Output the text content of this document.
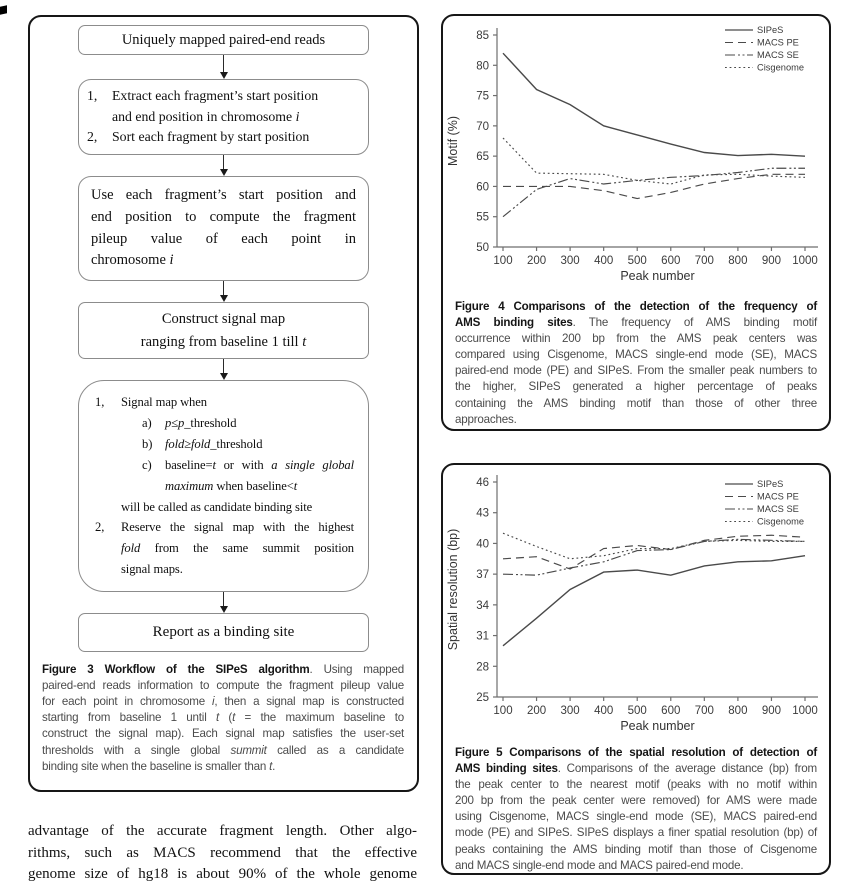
Uniquely mapped paired-end reads
1,	Extract each fragment’s start position
and end position in chromosome i
2,	Sort each fragment by start position
Use each fragment’s start position and
end position to compute the fragment
pileup value of each point in
chromosome i
Construct signal map
ranging from baseline 1 till t
1,	Signal map when
a)	p≤p_threshold
b)	fold≥fold_threshold
c)	baseline=t or with a single global
maximum when baseline<t
will be called as candidate binding site
2,	Reserve the signal map with the highest
fold from the same summit position
signal maps.
Report as a binding site
Figure 3 Workflow of the SIPeS algorithm. Using mapped
paired-end reads information to compute the fragment pileup value
for each point in chromosome i, then a signal map is constructed
starting from baseline 1 until t (t = the maximum baseline to
construct the signal map). Each signal map satisfies the user-set
thresholds with a single global summit called as a candidate
binding site when the baseline is smaller than t.
50
55
60
65
70
75
80
85
100 200 300 400 500 600 700 800 900 1000
Peak number
Motif (%)
SIPeS
MACS PE
MACS SE
Cisgenome
Figure 4 Comparisons of the detection of the frequency of
AMS binding sites. The frequency of AMS binding motif
occurrence within 200 bp from the AMS peak centers was
compared using Cisgenome, MACS single-end mode (SE), MACS
paired-end mode (PE) and SIPeS. From the smaller peak numbers to
the higher, SIPeS generated a higher percentage of peaks
containing the AMS binding motif than those of other three
approaches.
25
28
31
34
37
40
43
46
100 200 300 400 500 600 700 800 900 1000
Peak number
Spatial resolution (bp)
SIPeS
MACS PE
MACS SE
Cisgenome
Figure 5 Comparisons of the spatial resolution of detection of
AMS binding sites. Comparisons of the average distance (bp) from
the peak center to the nearest motif (peaks with no motif within
200 bp from the peak center were removed) for AMS were made
using Cisgenome, MACS single-end mode (SE), MACS paired-end
mode (PE) and SIPeS. SIPeS displays a finer spatial resolution (bp) of
peaks containing the AMS binding motif than those of Cisgenome
and MACS single-end mode and MACS paired-end mode.

advantage of the accurate fragment length. Other algo-
rithms, such as MACS recommend that the effective
genome size of hg18 is about 90% of the whole genome
